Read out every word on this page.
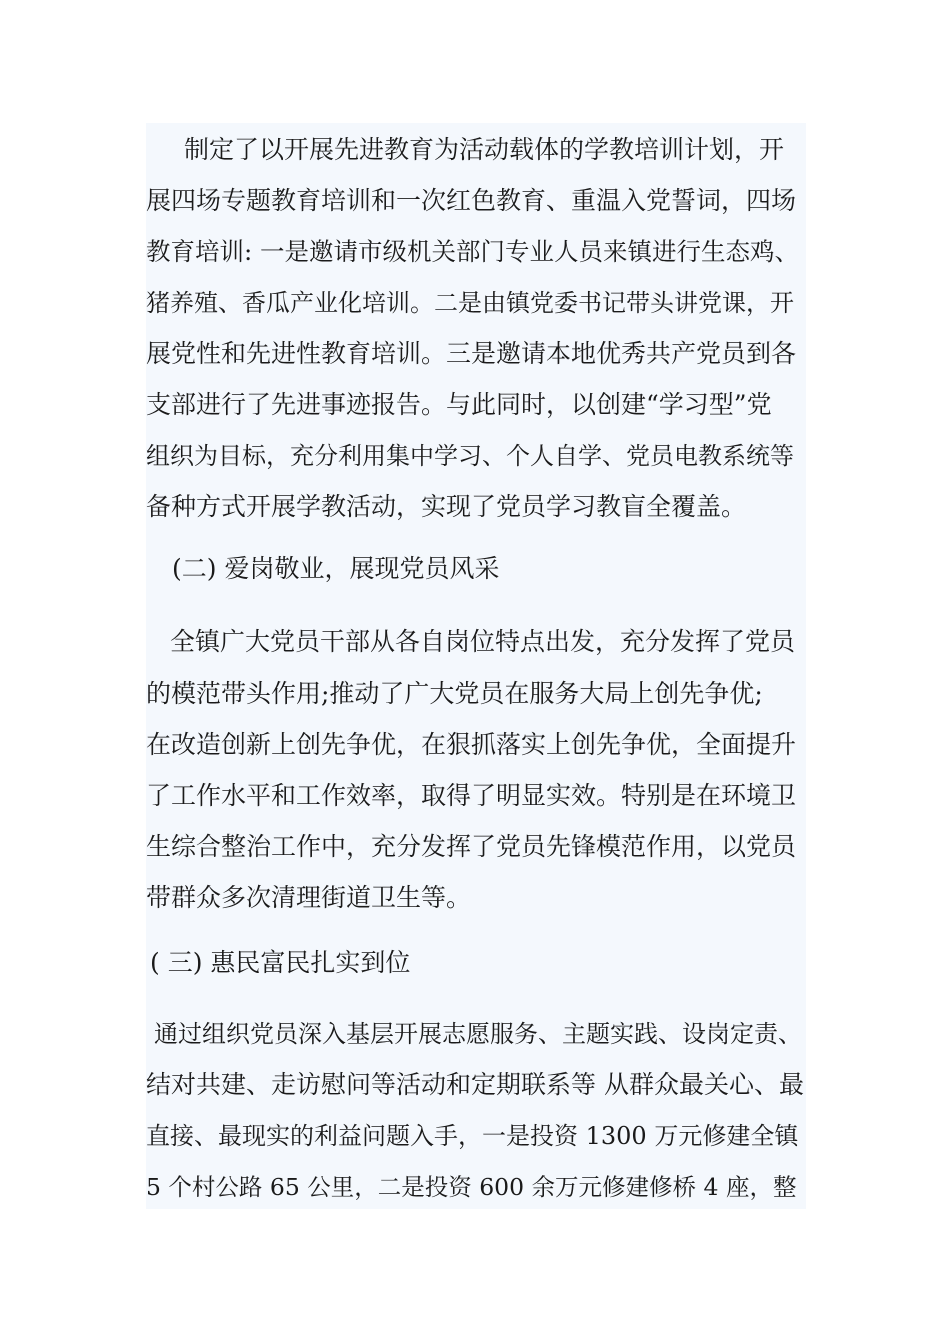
制定了以开展先进教育为活动载体的学教培训计划，开
展四场专题教育培训和一次红色教育、重温入党誓词，四场
教育培训: 一是邀请市级机关部门专业人员来镇进行生态鸡、
猪养殖、香瓜产业化培训。二是由镇党委书记带头讲党课，开
展党性和先进性教育培训。三是邀请本地优秀共产党员到各
支部进行了先进事迹报告。与此同时，以创建“学习型”党
组织为目标，充分利用集中学习、个人自学、党员电教系统等
备种方式开展学教活动，实现了党员学习教盲全覆盖。
(二) 爱岗敬业，展现党员风采
全镇广大党员干部从各自岗位特点出发，充分发挥了党员
的模范带头作用;推动了广大党员在服务大局上创先争优;
在改造创新上创先争优，在狠抓落实上创先争优，全面提升
了工作水平和工作效率，取得了明显实效。特别是在环境卫
生综合整治工作中，充分发挥了党员先锋模范作用，以党员
带群众多次清理街道卫生等。
( 三) 惠民富民扎实到位
通过组织党员深入基层开展志愿服务、主题实践、设岗定责、
结对共建、走访慰问等活动和定期联系等 从群众最关心、最
直接、最现实的利益问题入手，一是投资 1300 万元修建全镇
5 个村公路 65 公里，二是投资 600 余万元修建修桥 4 座，整
